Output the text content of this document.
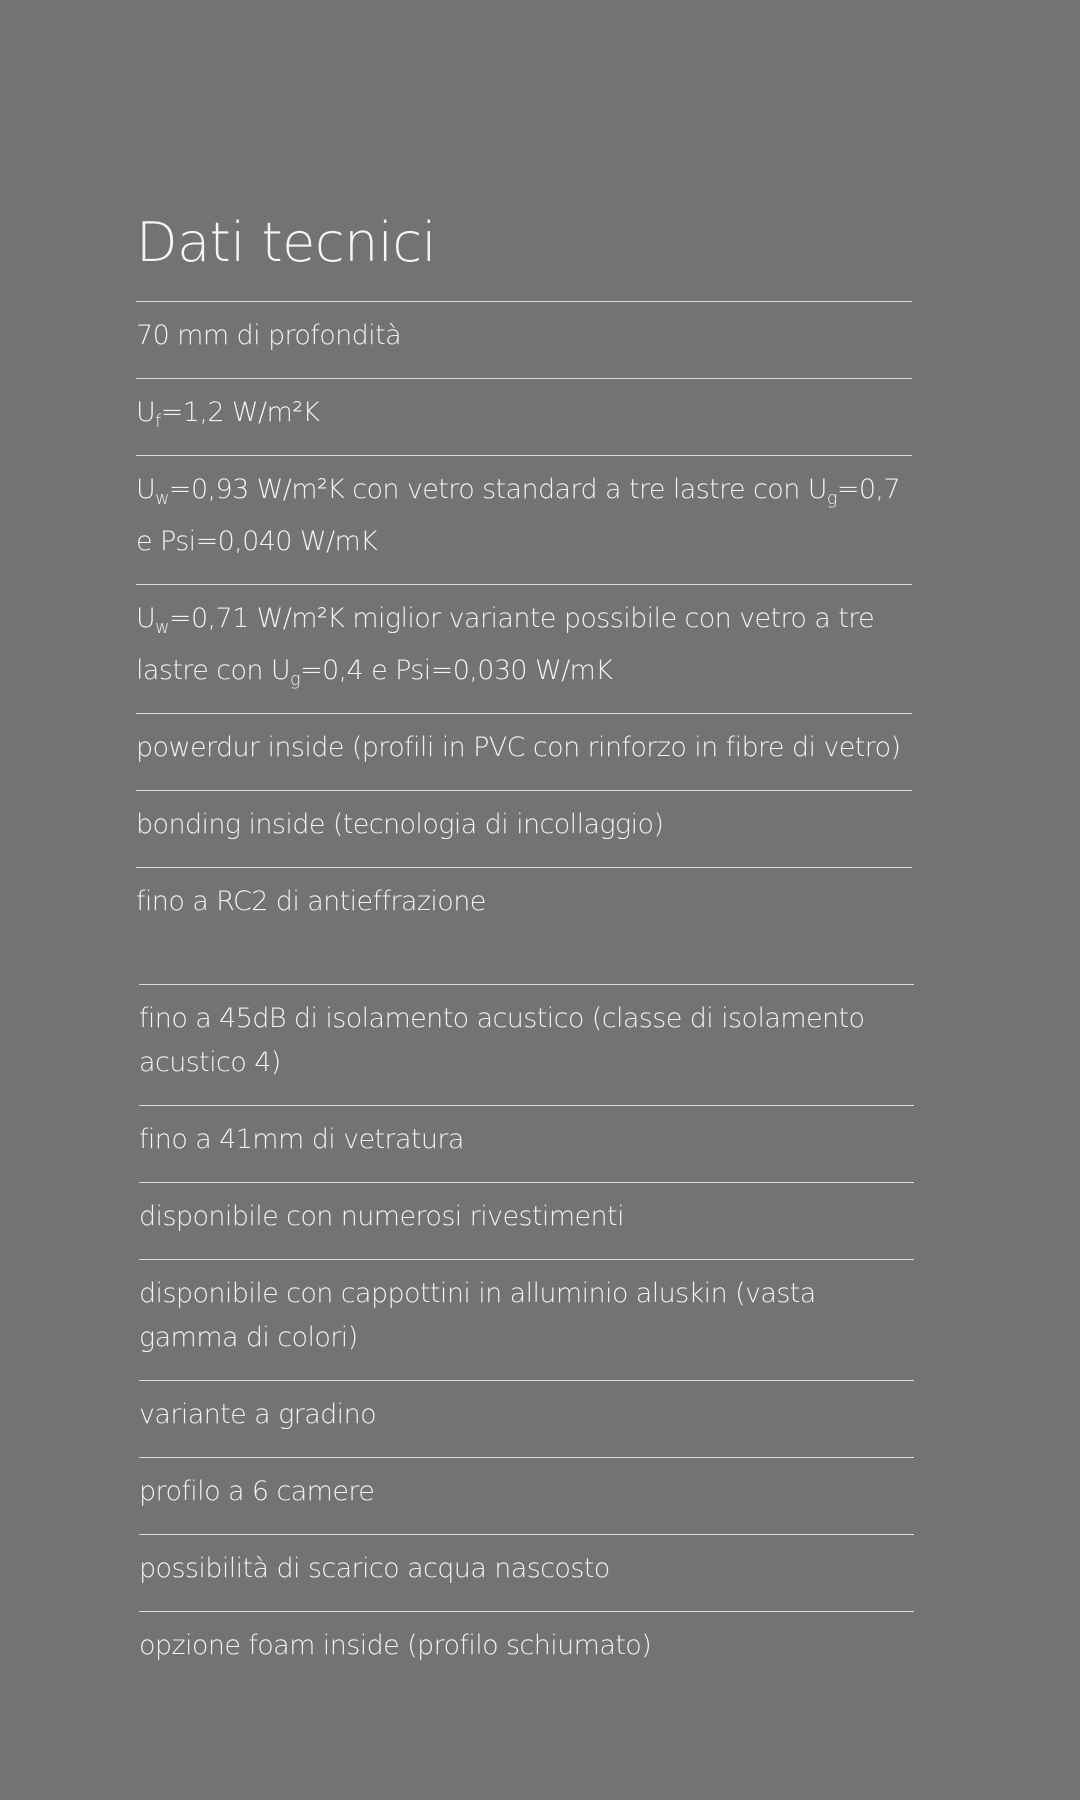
Dati tecnici
70 mm di profondità
$U_f=1,2$ W/m²K
$U_w=0,93$ W/m²K con vetro standard a tre lastre con $U_g=0,7$ e Psi=0,040 W/mK
$U_w=0,71$ W/m²K miglior variante possibile con vetro a tre lastre con $U_g=0,4$ e Psi=0,030 W/mK
powerdur inside (profili in PVC con rinforzo in fibre di vetro)
bonding inside (tecnologia di incollaggio)
fino a RC2 di antieffrazione
fino a 45dB di isolamento acustico (classe di isolamento acustico 4)
fino a 41mm di vetratura
disponibile con numerosi rivestimenti
disponibile con cappottini in alluminio aluskin (vasta gamma di colori)
variante a gradino
profilo a 6 camere
possibilità di scarico acqua nascosto
opzione foam inside (profilo schiumato)
